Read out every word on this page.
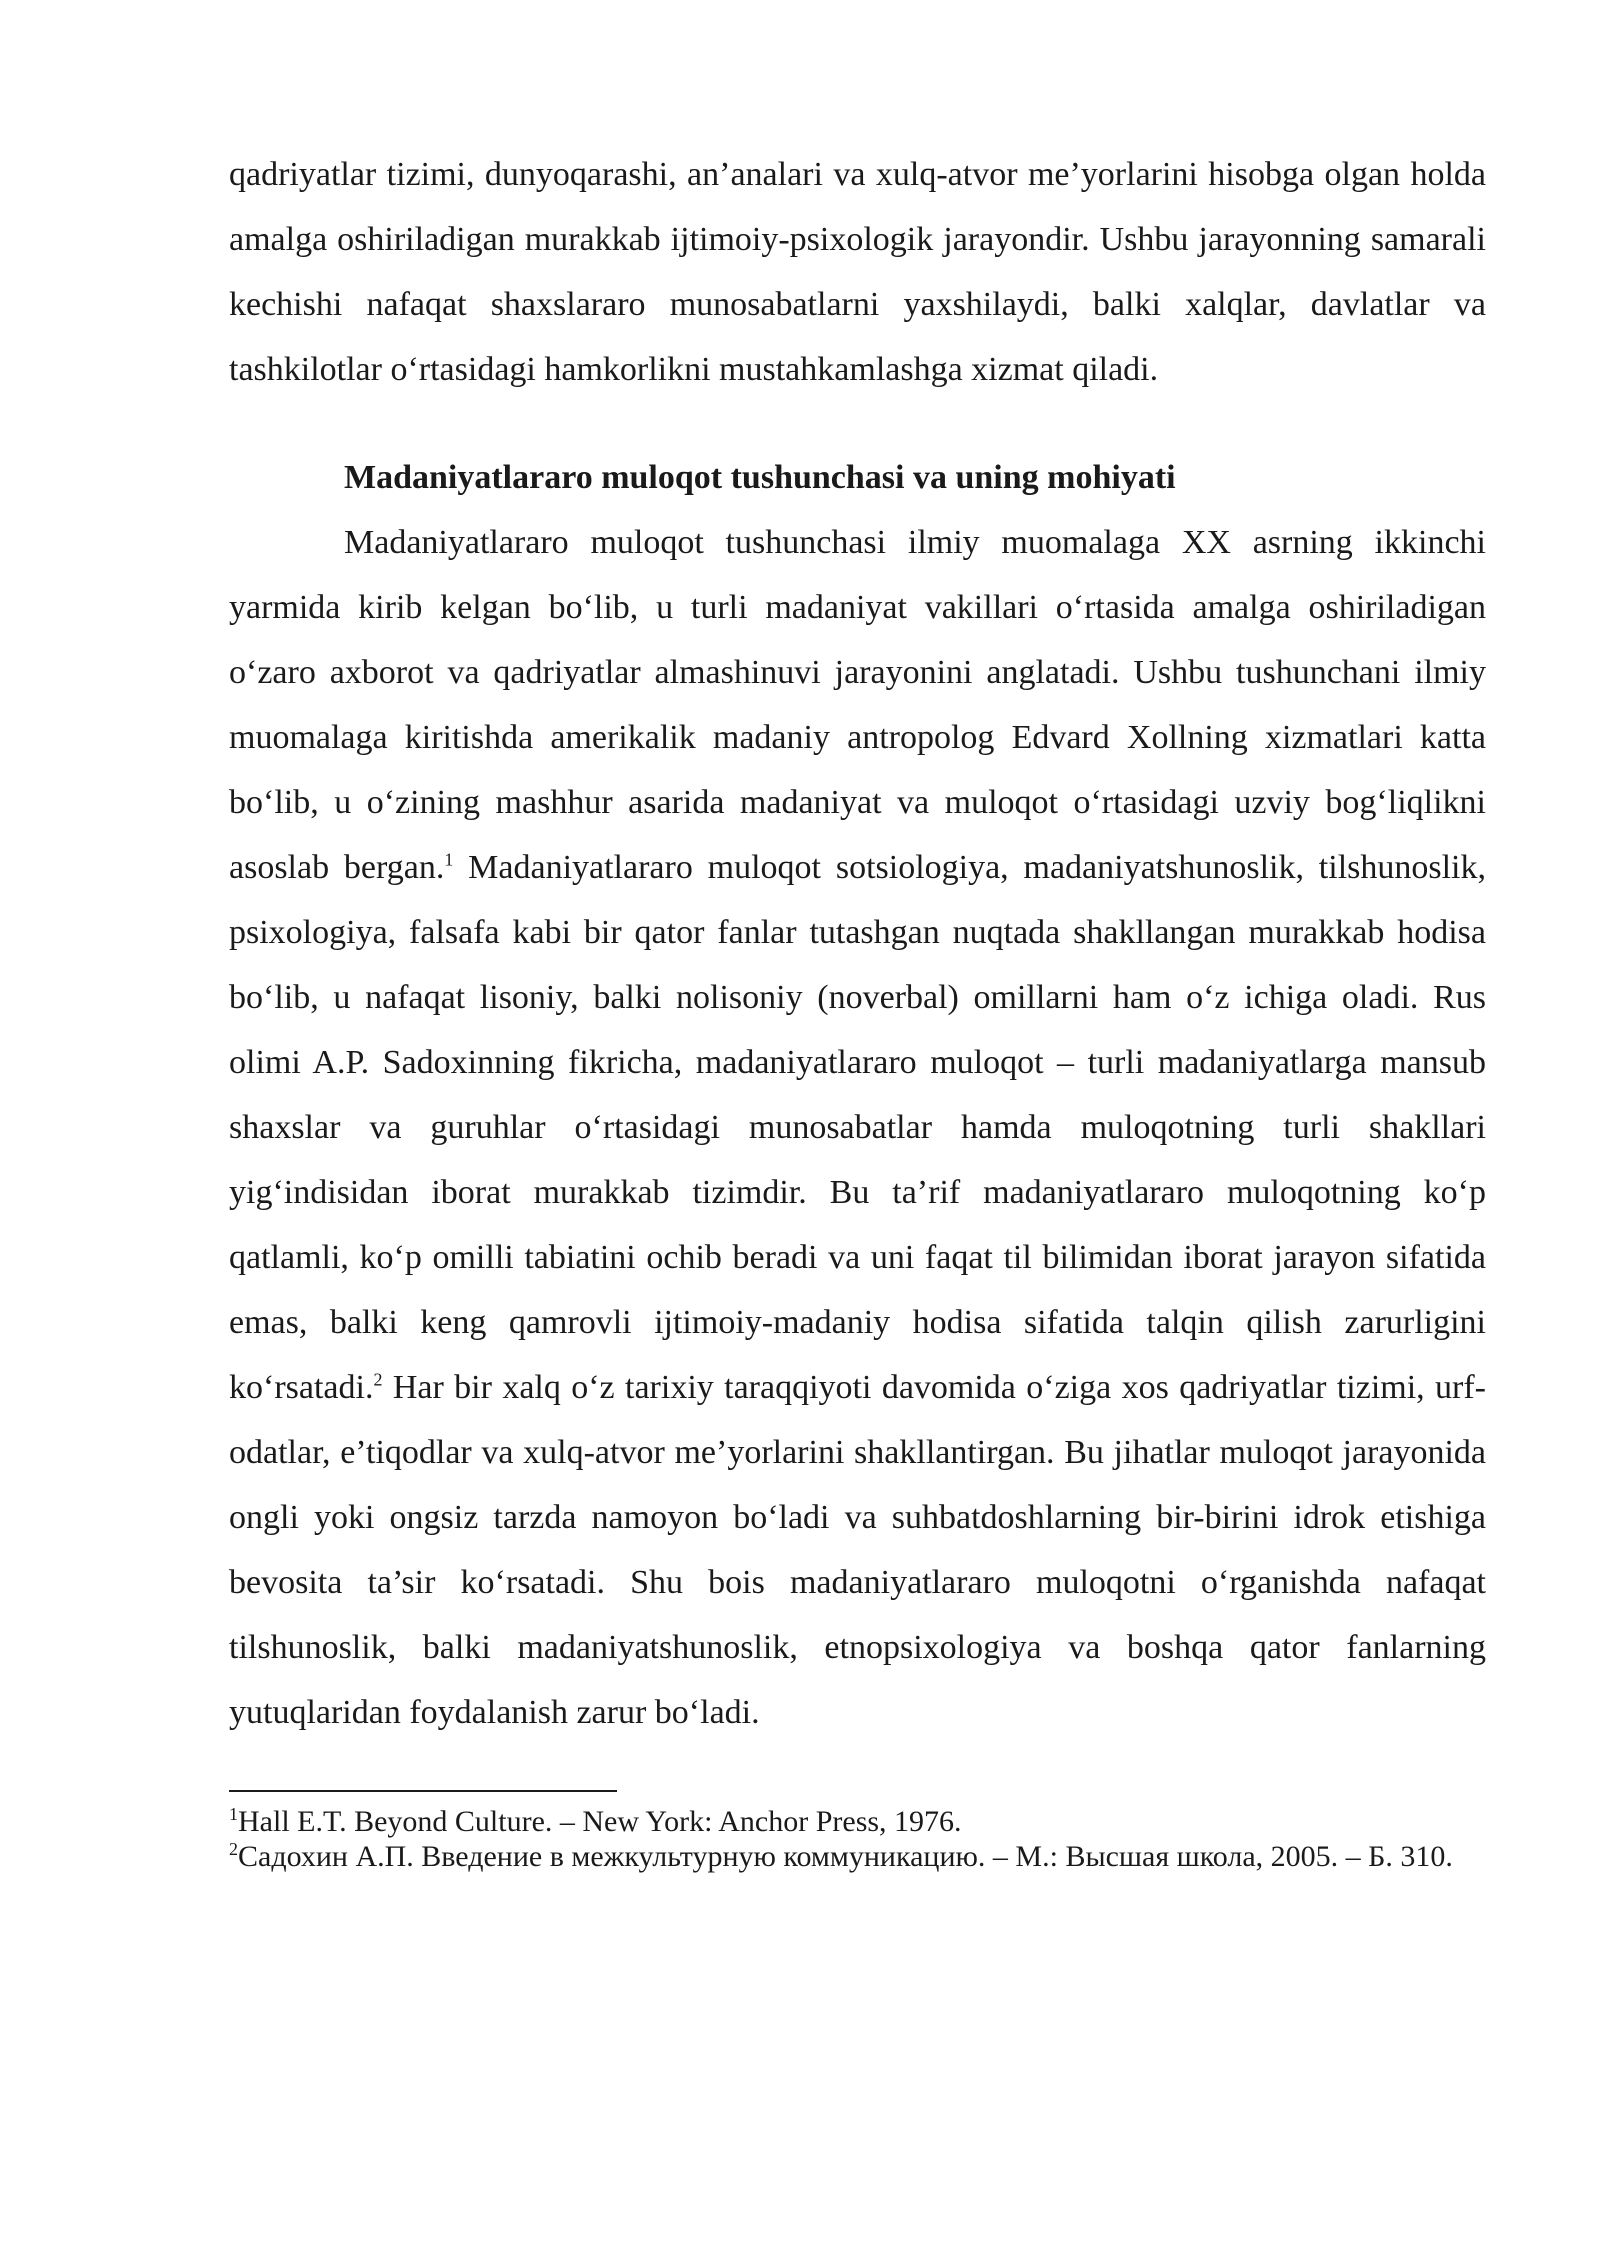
qadriyatlar tizimi, dunyoqarashi, an’analari va xulq-atvor me’yorlarini hisobga olgan holda amalga oshiriladigan murakkab ijtimoiy-psixologik jarayondir. Ushbu jarayonning samarali kechishi nafaqat shaxslararo munosabatlarni yaxshilaydi, balki xalqlar, davlatlar va tashkilotlar o‘rtasidagi hamkorlikni mustahkamlashga xizmat qiladi.

Madaniyatlararo muloqot tushunchasi va uning mohiyati

Madaniyatlararo muloqot tushunchasi ilmiy muomalaga XX asrning ikkinchi yarmida kirib kelgan bo‘lib, u turli madaniyat vakillari o‘rtasida amalga oshiriladigan o‘zaro axborot va qadriyatlar almashinuvi jarayonini anglatadi. Ushbu tushunchani ilmiy muomalaga kiritishda amerikalik madaniy antropolog Edvard Xollning xizmatlari katta bo‘lib, u o‘zining mashhur asarida madaniyat va muloqot o‘rtasidagi uzviy bog‘liqlikni asoslab bergan.$^1$ Madaniyatlararo muloqot sotsiologiya, madaniyatshunoslik, tilshunoslik, psixologiya, falsafa kabi bir qator fanlar tutashgan nuqtada shakllangan murakkab hodisa bo‘lib, u nafaqat lisoniy, balki nolisoniy (noverbal) omillarni ham o‘z ichiga oladi. Rus olimi A.P. Sadoxinning fikricha, madaniyatlararo muloqot – turli madaniyatlarga mansub shaxslar va guruhlar o‘rtasidagi munosabatlar hamda muloqotning turli shakllari yig‘indisidan iborat murakkab tizimdir. Bu ta’rif madaniyatlararo muloqotning ko‘p qatlamli, ko‘p omilli tabiatini ochib beradi va uni faqat til bilimidan iborat jarayon sifatida emas, balki keng qamrovli ijtimoiy-madaniy hodisa sifatida talqin qilish zarurligini ko‘rsatadi.$^2$ Har bir xalq o‘z tarixiy taraqqiyoti davomida o‘ziga xos qadriyatlar tizimi, urf-odatlar, e’tiqodlar va xulq-atvor me’yorlarini shakllantirgan. Bu jihatlar muloqot jarayonida ongli yoki ongsiz tarzda namoyon bo‘ladi va suhbatdoshlarning bir-birini idrok etishiga bevosita ta’sir ko‘rsatadi. Shu bois madaniyatlararo muloqotni o‘rganishda nafaqat tilshunoslik, balki madaniyatshunoslik, etnopsixologiya va boshqa qator fanlarning yutuqlaridan foydalanish zarur bo‘ladi.

$^1$Hall E.T. Beyond Culture. – New York: Anchor Press, 1976.

$^2$Садохин А.П. Введение в межкультурную коммуникацию. – М.: Высшая школа, 2005. – Б. 310.
